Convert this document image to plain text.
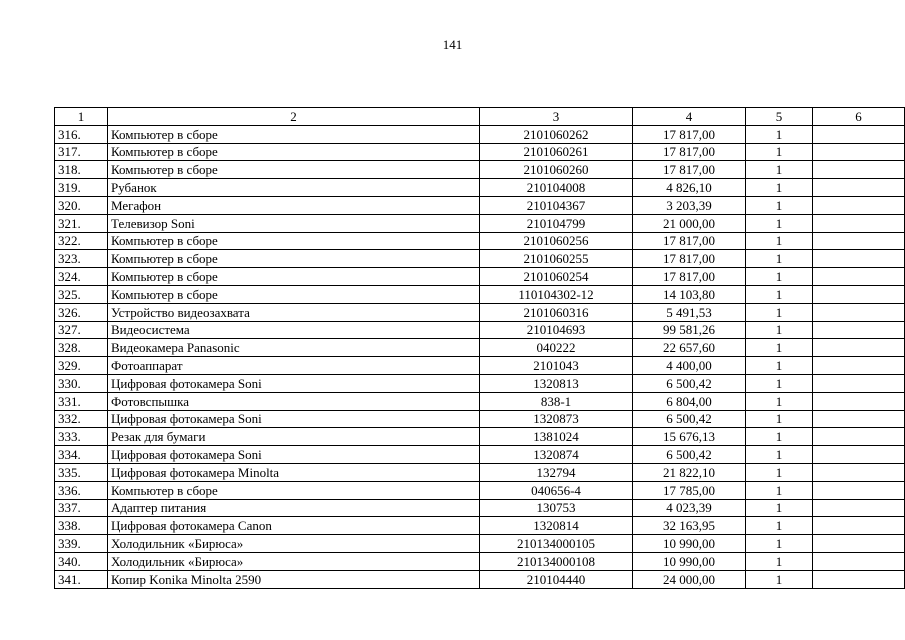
141
1	2	3	4	5	6
316.	Компьютер в сборе	2101060262	17 817,00	1	
317.	Компьютер в сборе	2101060261	17 817,00	1	
318.	Компьютер в сборе	2101060260	17 817,00	1	
319.	Рубанок	210104008	4 826,10	1	
320.	Мегафон	210104367	3 203,39	1	
321.	Телевизор Soni	210104799	21 000,00	1	
322.	Компьютер в сборе	2101060256	17 817,00	1	
323.	Компьютер в сборе	2101060255	17 817,00	1	
324.	Компьютер в сборе	2101060254	17 817,00	1	
325.	Компьютер в сборе	110104302-12	14 103,80	1	
326.	Устройство видеозахвата	2101060316	5 491,53	1	
327.	Видеосистема	210104693	99 581,26	1	
328.	Видеокамера Panasonic	040222	22 657,60	1	
329.	Фотоаппарат	2101043	4 400,00	1	
330.	Цифровая фотокамера Soni	1320813	6 500,42	1	
331.	Фотовспышка	838-1	6 804,00	1	
332.	Цифровая фотокамера Soni	1320873	6 500,42	1	
333.	Резак для бумаги	1381024	15 676,13	1	
334.	Цифровая фотокамера Soni	1320874	6 500,42	1	
335.	Цифровая фотокамера Minolta	132794	21 822,10	1	
336.	Компьютер в сборе	040656-4	17 785,00	1	
337.	Адаптер питания	130753	4 023,39	1	
338.	Цифровая фотокамера Canon	1320814	32 163,95	1	
339.	Холодильник «Бирюса»	210134000105	10 990,00	1	
340.	Холодильник «Бирюса»	210134000108	10 990,00	1	
341.	Копир Konika Minolta 2590	210104440	24 000,00	1	
